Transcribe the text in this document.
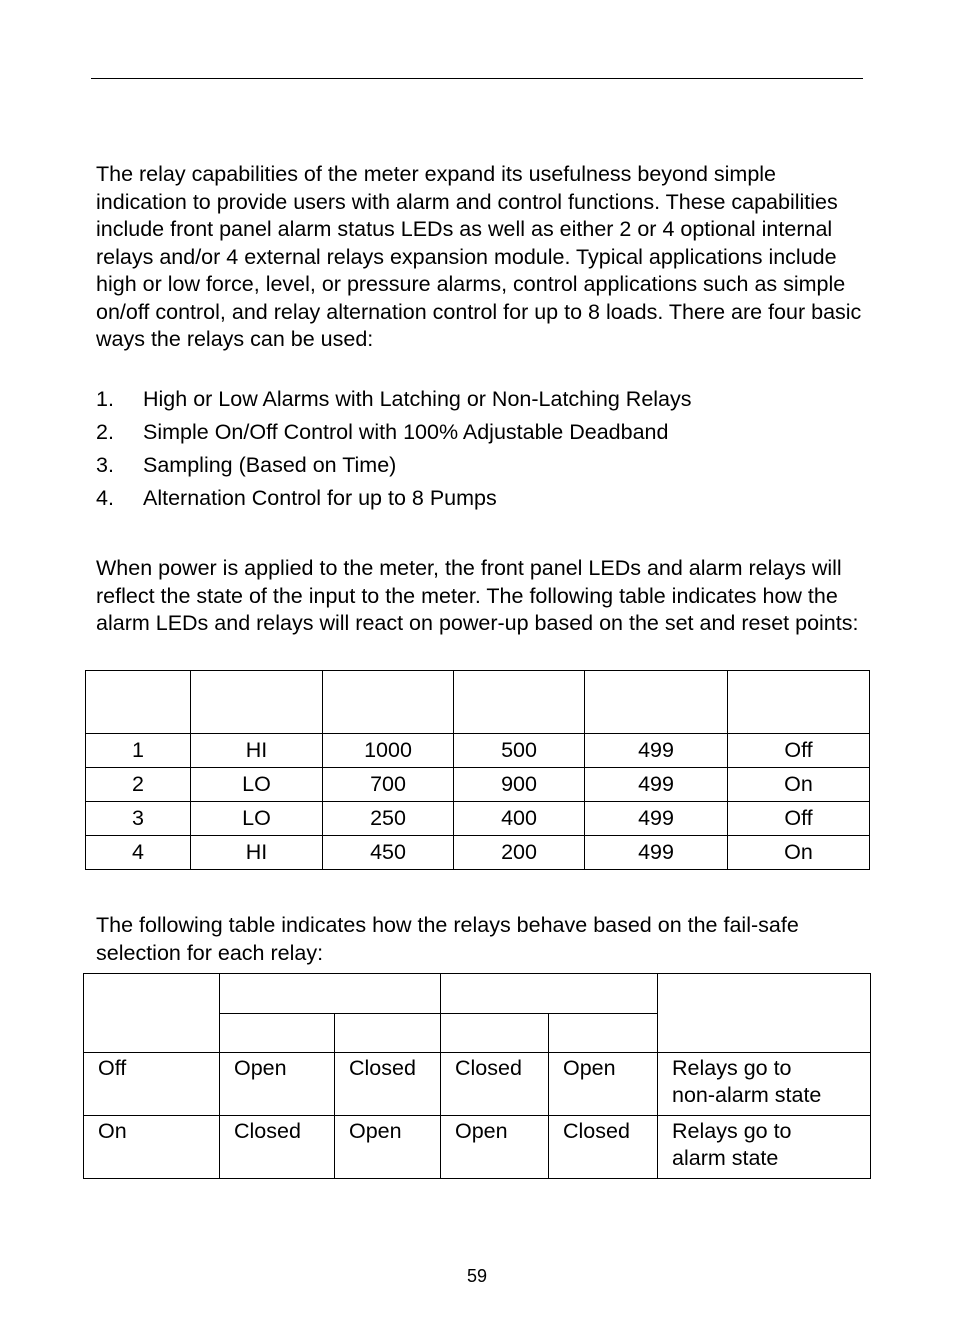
The relay capabilities of the meter expand its usefulness beyond simple indication to provide users with alarm and control functions. These capabilities include front panel alarm status LEDs as well as either 2 or 4 optional internal relays and/or 4 external relays expansion module. Typical applications include high or low force, level, or pressure alarms, control applications such as simple on/off control, and relay alternation control for up to 8 loads. There are four basic ways the relays can be used:

1.	High or Low Alarms with Latching or Non-Latching Relays
2.	Simple On/Off Control with 100% Adjustable Deadband
3.	Sampling (Based on Time)
4.	Alternation Control for up to 8 Pumps

When power is applied to the meter, the front panel LEDs and alarm relays will reflect the state of the input to the meter. The following table indicates how the alarm LEDs and relays will react on power-up based on the set and reset points:

1	HI	1000	500	499	Off
2	LO	700	900	499	On
3	LO	250	400	499	Off
4	HI	450	200	499	On

The following table indicates how the relays behave based on the fail-safe selection for each relay:

Off	Open	Closed	Closed	Open	Relays go to
non-alarm state

On	Closed	Open	Open	Closed	Relays go to
alarm state
59
